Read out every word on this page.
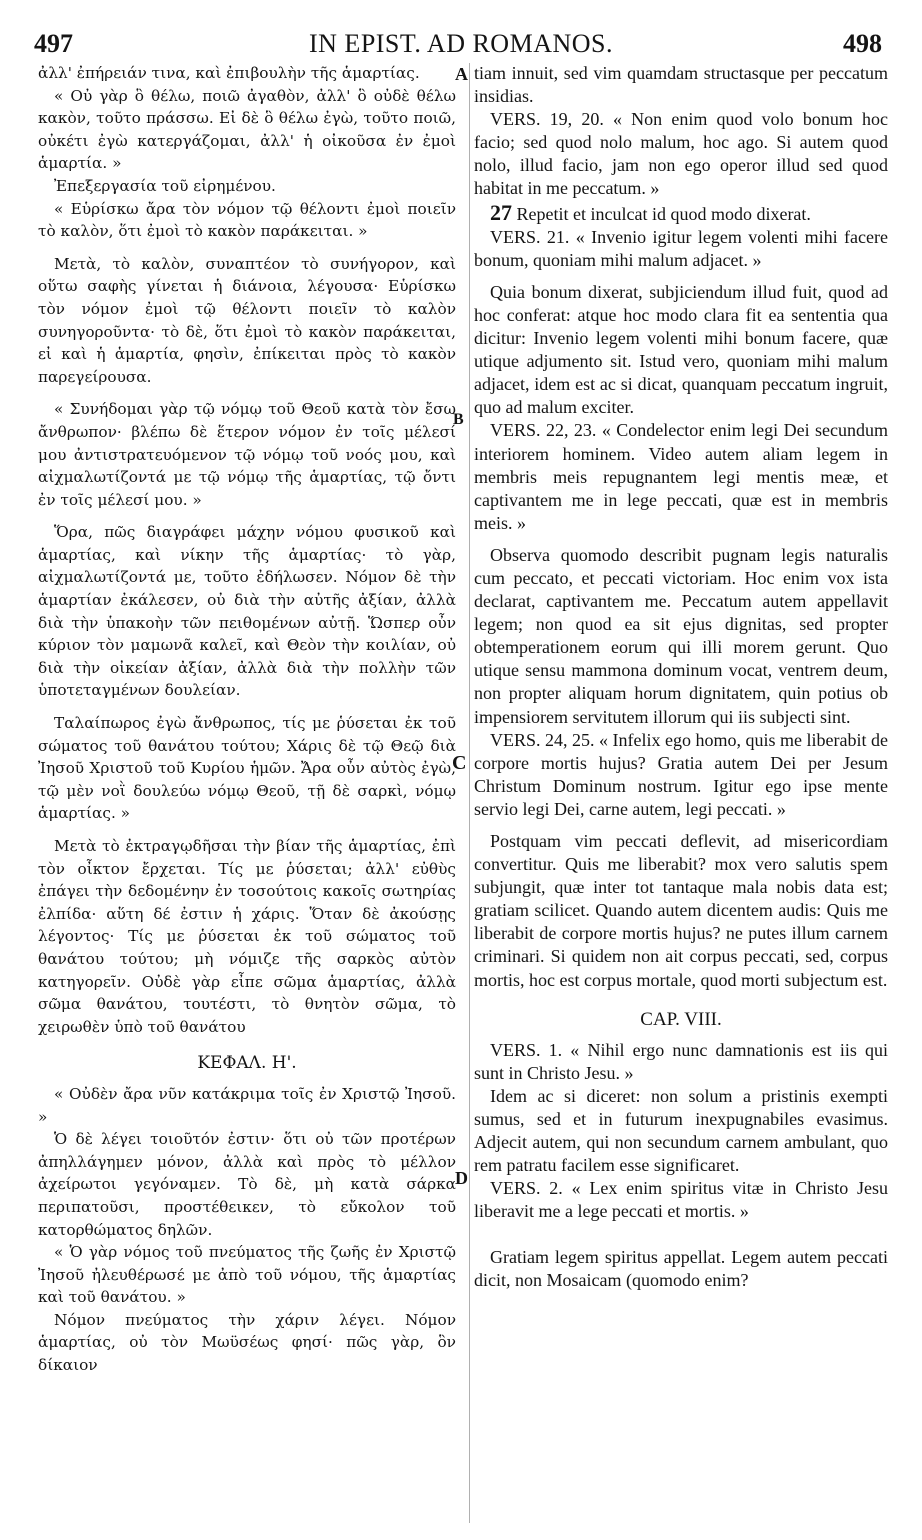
497	IN EPIST. AD ROMANOS.	498
A
B
C
D

ἀλλ' ἐπήρειάν τινα, καὶ ἐπιβουλὴν τῆς ἁμαρτίας.

« Οὐ γὰρ ὃ θέλω, ποιῶ ἀγαθὸν, ἀλλ' ὃ οὐδὲ θέλω κακὸν, τοῦτο πράσσω. Εἰ δὲ ὃ θέλω ἐγὼ, τοῦτο ποιῶ, οὐκέτι ἐγὼ κατεργάζομαι, ἀλλ' ἡ οἰκοῦσα ἐν ἐμοὶ ἁμαρτία. »

Ἐπεξεργασία τοῦ εἰρημένου.

« Εὑρίσκω ἄρα τὸν νόμον τῷ θέλοντι ἐμοὶ ποιεῖν τὸ καλὸν, ὅτι ἐμοὶ τὸ κακὸν παράκειται. »

Μετὰ, τὸ καλὸν, συναπτέον τὸ συνήγορον, καὶ οὕτω σαφὴς γίνεται ἡ διάνοια, λέγουσα· Εὑρίσκω τὸν νόμον ἐμοὶ τῷ θέλοντι ποιεῖν τὸ καλὸν συνηγοροῦντα· τὸ δὲ, ὅτι ἐμοὶ τὸ κακὸν παράκειται, εἰ καὶ ἡ ἁμαρτία, φησὶν, ἐπίκειται πρὸς τὸ κακὸν παρεγείρουσα.

« Συνήδομαι γὰρ τῷ νόμῳ τοῦ Θεοῦ κατὰ τὸν ἔσω ἄνθρωπον· βλέπω δὲ ἕτερον νόμον ἐν τοῖς μέλεσί μου ἀντιστρατευόμενον τῷ νόμῳ τοῦ νοός μου, καὶ αἰχμαλωτίζοντά με τῷ νόμῳ τῆς ἁμαρτίας, τῷ ὄντι ἐν τοῖς μέλεσί μου. »

Ὅρα, πῶς διαγράφει μάχην νόμου φυσικοῦ καὶ ἁμαρτίας, καὶ νίκην τῆς ἁμαρτίας· τὸ γὰρ, αἰχμαλωτίζοντά με, τοῦτο ἐδήλωσεν. Νόμον δὲ τὴν ἁμαρτίαν ἐκάλεσεν, οὐ διὰ τὴν αὐτῆς ἀξίαν, ἀλλὰ διὰ τὴν ὑπακοὴν τῶν πειθομένων αὐτῇ. Ὥσπερ οὖν κύριον τὸν μαμωνᾶ καλεῖ, καὶ Θεὸν τὴν κοιλίαν, οὐ διὰ τὴν οἰκείαν ἀξίαν, ἀλλὰ διὰ τὴν πολλὴν τῶν ὑποτεταγμένων δουλείαν.

Ταλαίπωρος ἐγὼ ἄνθρωπος, τίς με ῥύσεται ἐκ τοῦ σώματος τοῦ θανάτου τούτου; Χάρις δὲ τῷ Θεῷ διὰ Ἰησοῦ Χριστοῦ τοῦ Κυρίου ἡμῶν. Ἄρα οὖν αὐτὸς ἐγὼ, τῷ μὲν νοῒ δουλεύω νόμῳ Θεοῦ, τῇ δὲ σαρκὶ, νόμῳ ἁμαρτίας. »

Μετὰ τὸ ἐκτραγῳδῆσαι τὴν βίαν τῆς ἁμαρτίας, ἐπὶ τὸν οἶκτον ἔρχεται. Τίς με ῥύσεται; ἀλλ' εὐθὺς ἐπάγει τὴν δεδομένην ἐν τοσούτοις κακοῖς σωτηρίας ἐλπίδα· αὕτη δέ ἐστιν ἡ χάρις. Ὅταν δὲ ἀκούσῃς λέγοντος· Τίς με ῥύσεται ἐκ τοῦ σώματος τοῦ θανάτου τούτου; μὴ νόμιζε τῆς σαρκὸς αὐτὸν κατηγορεῖν. Οὐδὲ γὰρ εἶπε σῶμα ἁμαρτίας, ἀλλὰ σῶμα θανάτου, τουτέστι, τὸ θνητὸν σῶμα, τὸ χειρωθὲν ὑπὸ τοῦ θανάτου

ΚΕΦΑΛ. Η'.

« Οὐδὲν ἄρα νῦν κατάκριμα τοῖς ἐν Χριστῷ Ἰησοῦ. »

Ὁ δὲ λέγει τοιοῦτόν ἐστιν· ὅτι οὐ τῶν προτέρων ἀπηλλάγημεν μόνον, ἀλλὰ καὶ πρὸς τὸ μέλλον ἀχείρωτοι γεγόναμεν. Τὸ δὲ, μὴ κατὰ σάρκα περιπατοῦσι, προστέθεικεν, τὸ εὔκολον τοῦ κατορθώματος δηλῶν.

« Ὁ γὰρ νόμος τοῦ πνεύματος τῆς ζωῆς ἐν Χριστῷ Ἰησοῦ ἠλευθέρωσέ με ἀπὸ τοῦ νόμου, τῆς ἁμαρτίας καὶ τοῦ θανάτου. »

Νόμον πνεύματος τὴν χάριν λέγει. Νόμον ἁμαρτίας, οὐ τὸν Μωϋσέως φησί· πῶς γὰρ, ὃν δίκαιον

tiam innuit, sed vim quamdam structasque per peccatum insidias.

VERS. 19, 20. « Non enim quod volo bonum hoc facio; sed quod nolo malum, hoc ago. Si autem quod nolo, illud facio, jam non ego operor illud sed quod habitat in me peccatum. »

27 Repetit et inculcat id quod modo dixerat.

VERS. 21. « Invenio igitur legem volenti mihi facere bonum, quoniam mihi malum adjacet. »

Quia bonum dixerat, subjiciendum illud fuit, quod ad hoc conferat: atque hoc modo clara fit ea sententia qua dicitur: Invenio legem volenti mihi bonum facere, quæ utique adjumento sit. Istud vero, quoniam mihi malum adjacet, idem est ac si dicat, quanquam peccatum ingruit, quo ad malum exciter.

VERS. 22, 23. « Condelector enim legi Dei secundum interiorem hominem. Video autem aliam legem in membris meis repugnantem legi mentis meæ, et captivantem me in lege peccati, quæ est in membris meis. »

Observa quomodo describit pugnam legis naturalis cum peccato, et peccati victoriam. Hoc enim vox ista declarat, captivantem me. Peccatum autem appellavit legem; non quod ea sit ejus dignitas, sed propter obtemperationem eorum qui illi morem gerunt. Quo utique sensu mammona dominum vocat, ventrem deum, non propter aliquam horum dignitatem, quin potius ob impensiorem servitutem illorum qui iis subjecti sint.

VERS. 24, 25. « Infelix ego homo, quis me liberabit de corpore mortis hujus? Gratia autem Dei per Jesum Christum Dominum nostrum. Igitur ego ipse mente servio legi Dei, carne autem, legi peccati. »

Postquam vim peccati deflevit, ad misericordiam convertitur. Quis me liberabit? mox vero salutis spem subjungit, quæ inter tot tantaque mala nobis data est; gratiam scilicet. Quando autem dicentem audis: Quis me liberabit de corpore mortis hujus? ne putes illum carnem criminari. Si quidem non ait corpus peccati, sed, corpus mortis, hoc est corpus mortale, quod morti subjectum est.

CAP. VIII.

VERS. 1. « Nihil ergo nunc damnationis est iis qui sunt in Christo Jesu. »

Idem ac si diceret: non solum a pristinis exempti sumus, sed et in futurum inexpugnabiles evasimus. Adjecit autem, qui non secundum carnem ambulant, quo rem patratu facilem esse significaret.

VERS. 2. « Lex enim spiritus vitæ in Christo Jesu liberavit me a lege peccati et mortis. »

Gratiam legem spiritus appellat. Legem autem peccati dicit, non Mosaicam (quomodo enim?
